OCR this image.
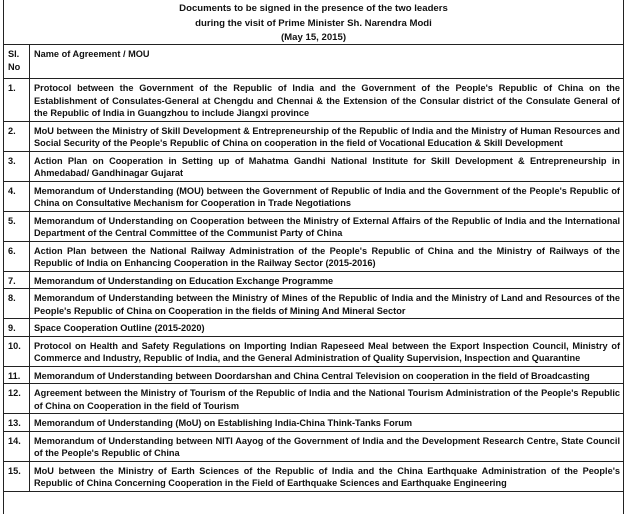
Documents to be signed in the presence of the two leaders
during the visit of Prime Minister Sh. Narendra Modi
(May 15, 2015)
Sl. No	Name of Agreement / MOU
1.	Protocol between the Government of the Republic of India and the Government of the People's Republic of China on the Establishment of Consulates-General at Chengdu and Chennai & the Extension of the Consular district of the Consulate General of the Republic of India in Guangzhou to include Jiangxi province
2.	MoU between the Ministry of Skill Development & Entrepreneurship of the Republic of India and the Ministry of Human Resources and Social Security of the People's Republic of China on cooperation in the field of Vocational Education & Skill Development
3.	Action Plan on Cooperation in Setting up of Mahatma Gandhi National Institute for Skill Development & Entrepreneurship in Ahmedabad/ Gandhinagar Gujarat
4.	Memorandum of Understanding (MOU) between the Government of Republic of India and the Government of the People's Republic of China on Consultative Mechanism for Cooperation in Trade Negotiations
5.	Memorandum of Understanding on Cooperation between the Ministry of External Affairs of the Republic of India and the International Department of the Central Committee of the Communist Party of China
6.	Action Plan between the National Railway Administration of the People's Republic of China and the Ministry of Railways of the Republic of India on Enhancing Cooperation in the Railway Sector (2015-2016)
7.	Memorandum of Understanding on Education Exchange Programme
8.	Memorandum of Understanding between the Ministry of Mines of the Republic of India and the Ministry of Land and Resources of the People's Republic of China on Cooperation in the fields of Mining And Mineral Sector
9.	Space Cooperation Outline (2015-2020)
10.	Protocol on Health and Safety Regulations on Importing Indian Rapeseed Meal between the Export Inspection Council, Ministry of Commerce and Industry, Republic of India, and the General Administration of Quality Supervision, Inspection and Quarantine
11.	Memorandum of Understanding between Doordarshan and China Central Television on cooperation in the field of Broadcasting
12.	Agreement between the Ministry of Tourism of the Republic of India and the National Tourism Administration of the People's Republic of China on Cooperation in the field of Tourism
13.	Memorandum of Understanding (MoU) on Establishing India-China Think-Tanks Forum
14.	Memorandum of Understanding between NITI Aayog of the Government of India and the Development Research Centre, State Council of the People's Republic of China
15.	MoU between the Ministry of Earth Sciences of the Republic of India and the China Earthquake Administration of the People's Republic of China Concerning Cooperation in the Field of Earthquake Sciences and Earthquake Engineering
